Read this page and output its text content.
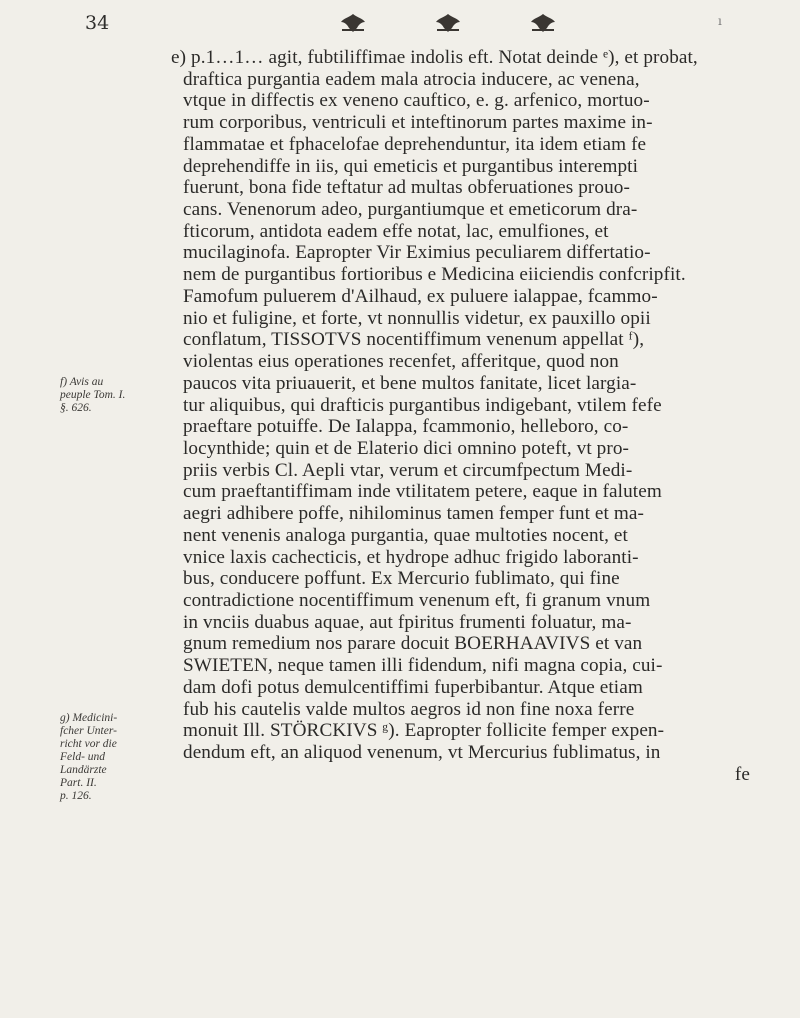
34	ı
e) p.1…1… agit, fubtiliffimae indolis eft. Notat deinde ᵉ), et probat,
draftica purgantia eadem mala atrocia inducere, ac venena,
vtque in diffectis ex veneno cauftico, e. g. arfenico, mortuo-
rum corporibus, ventriculi et inteftinorum partes maxime in-
flammatae et fphacelofae deprehenduntur, ita idem etiam fe
deprehendiffe in iis, qui emeticis et purgantibus interempti
fuerunt, bona fide teftatur ad multas obferuationes prouo-
cans. Venenorum adeo, purgantiumque et emeticorum dra-
fticorum, antidota eadem effe notat, lac, emulfiones, et
mucilaginofa. Eapropter Vir Eximius peculiarem differtatio-
nem de purgantibus fortioribus e Medicina eiiciendis confcripfit.
Famofum puluerem d'Ailhaud, ex puluere ialappae, fcammo-
nio et fuligine, et forte, vt nonnullis videtur, ex pauxillo opii
conflatum, TISSOTVS nocentiffimum venenum appellat ᶠ),
violentas eius operationes recenfet, afferitque, quod non
paucos vita priuauerit, et bene multos fanitate, licet largia-
tur aliquibus, qui drafticis purgantibus indigebant, vtilem fefe
praeftare potuiffe. De Ialappa, fcammonio, helleboro, co-
locynthide; quin et de Elaterio dici omnino poteft, vt pro-
priis verbis Cl. Aepli vtar, verum et circumfpectum Medi-
cum praeftantiffimam inde vtilitatem petere, eaque in falutem
aegri adhibere poffe, nihilominus tamen femper funt et ma-
nent venenis analoga purgantia, quae multoties nocent, et
vnice laxis cachecticis, et hydrope adhuc frigido laboranti-
bus, conducere poffunt. Ex Mercurio fublimato, qui fine
contradictione nocentiffimum venenum eft, fi granum vnum
in vnciis duabus aquae, aut fpiritus frumenti foluatur, ma-
gnum remedium nos parare docuit BOERHAAVIVS et van
SWIETEN, neque tamen illi fidendum, nifi magna copia, cui-
dam dofi potus demulcentiffimi fuperbibantur. Atque etiam
fub his cautelis valde multos aegros id non fine noxa ferre
monuit Ill. STÖRCKIVS ᵍ). Eapropter follicite femper expen-
dendum eft, an aliquod venenum, vt Mercurius fublimatus, in
fe
f) Avis au
peuple Tom. I.
§. 626.
g) Medicini-
fcher Unter-
richt vor die
Feld- und
Landärzte
Part. II.
p. 126.
